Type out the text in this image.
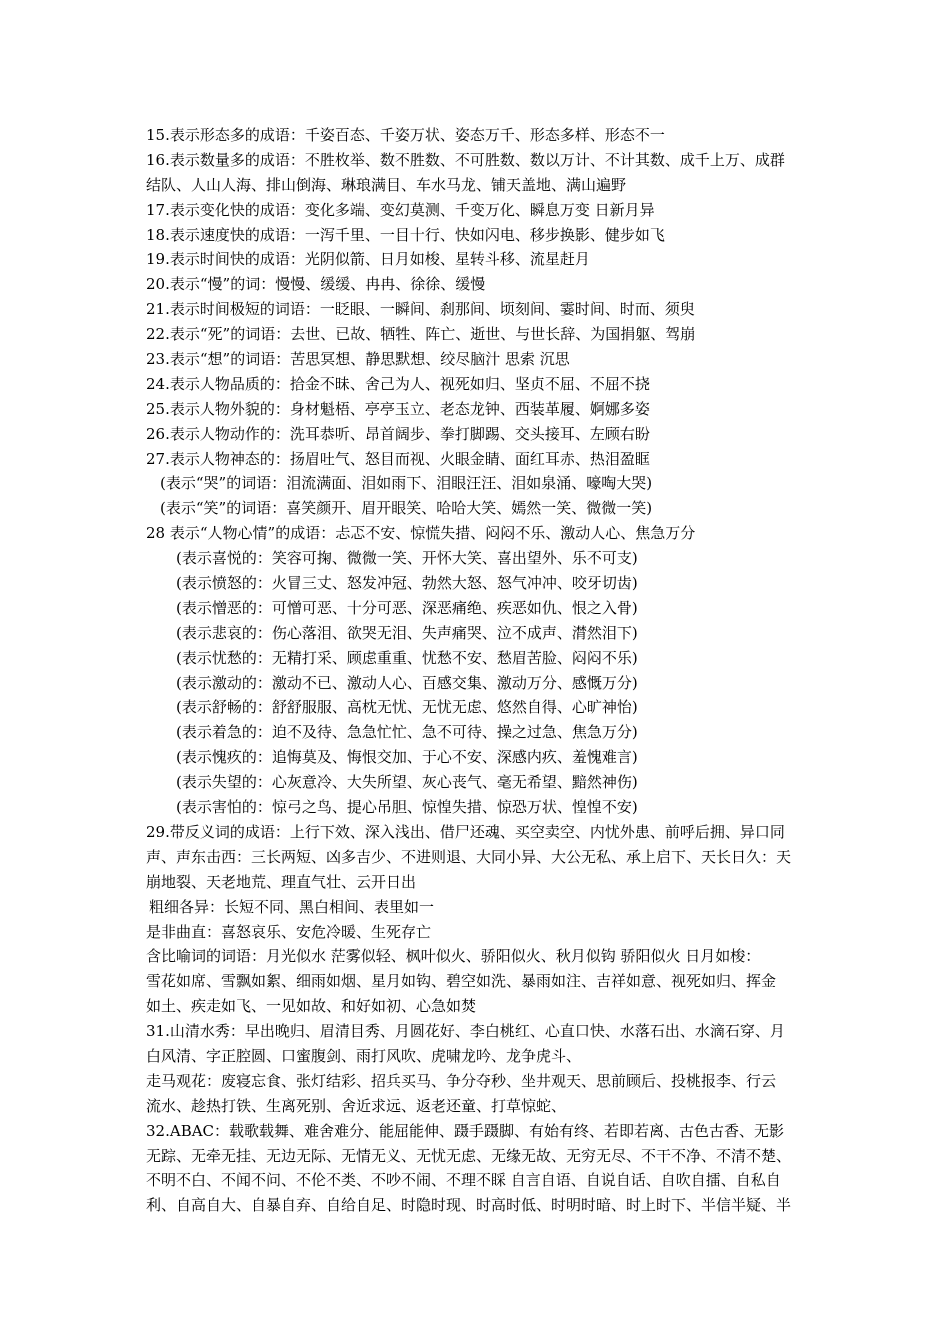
15.表示形态多的成语：千姿百态、千姿万状、姿态万千、形态多样、形态不一
16.表示数量多的成语：不胜枚举、数不胜数、不可胜数、数以万计、不计其数、成千上万、成群
结队、人山人海、排山倒海、琳琅满目、车水马龙、铺天盖地、满山遍野
17.表示变化快的成语：变化多端、变幻莫测、千变万化、瞬息万变 日新月异
18.表示速度快的成语：一泻千里、一目十行、快如闪电、移步换影、健步如飞
19.表示时间快的成语：光阴似箭、日月如梭、星转斗移、流星赶月
20.表示“慢”的词：慢慢、缓缓、冉冉、徐徐、缓慢
21.表示时间极短的词语：一眨眼、一瞬间、刹那间、顷刻间、霎时间、时而、须臾
22.表示“死”的词语：去世、已故、牺牲、阵亡、逝世、与世长辞、为国捐躯、驾崩
23.表示“想”的词语：苦思冥想、静思默想、绞尽脑汁 思索 沉思
24.表示人物品质的：拾金不昧、舍己为人、视死如归、坚贞不屈、不屈不挠
25.表示人物外貌的：身材魁梧、亭亭玉立、老态龙钟、西装革履、婀娜多姿
26.表示人物动作的：洗耳恭听、昂首阔步、拳打脚踢、交头接耳、左顾右盼
27.表示人物神态的：扬眉吐气、怒目而视、火眼金睛、面红耳赤、热泪盈眶
(表示“哭”的词语：泪流满面、泪如雨下、泪眼汪汪、泪如泉涌、嚎啕大哭)
(表示“笑”的词语：喜笑颜开、眉开眼笑、哈哈大笑、嫣然一笑、微微一笑)
28 表示“人物心情”的成语：忐忑不安、惊慌失措、闷闷不乐、激动人心、焦急万分
(表示喜悦的：笑容可掬、微微一笑、开怀大笑、喜出望外、乐不可支)
(表示愤怒的：火冒三丈、怒发冲冠、勃然大怒、怒气冲冲、咬牙切齿)
(表示憎恶的：可憎可恶、十分可恶、深恶痛绝、疾恶如仇、恨之入骨)
(表示悲哀的：伤心落泪、欲哭无泪、失声痛哭、泣不成声、潸然泪下)
(表示忧愁的：无精打采、顾虑重重、忧愁不安、愁眉苦脸、闷闷不乐)
(表示激动的：激动不已、激动人心、百感交集、激动万分、感慨万分)
(表示舒畅的：舒舒服服、高枕无忧、无忧无虑、悠然自得、心旷神怡)
(表示着急的：迫不及待、急急忙忙、急不可待、操之过急、焦急万分)
(表示愧疚的：追悔莫及、悔恨交加、于心不安、深感内疚、羞愧难言)
(表示失望的：心灰意冷、大失所望、灰心丧气、毫无希望、黯然神伤)
(表示害怕的：惊弓之鸟、提心吊胆、惊惶失措、惊恐万状、惶惶不安)
29.带反义词的成语：上行下效、深入浅出、借尸还魂、买空卖空、内忧外患、前呼后拥、异口同
声、声东击西：三长两短、凶多吉少、不进则退、大同小异、大公无私、承上启下、天长日久：天
崩地裂、天老地荒、理直气壮、云开日出
粗细各异：长短不同、黑白相间、表里如一
是非曲直：喜怒哀乐、安危冷暖、生死存亡
含比喻词的词语：月光似水 茫雾似轻、枫叶似火、骄阳似火、秋月似钩 骄阳似火 日月如梭：
雪花如席、雪飘如絮、细雨如烟、星月如钩、碧空如洗、暴雨如注、吉祥如意、视死如归、挥金
如土、疾走如飞、一见如故、和好如初、心急如焚
31.山清水秀：早出晚归、眉清目秀、月圆花好、李白桃红、心直口快、水落石出、水滴石穿、月
白风清、字正腔圆、口蜜腹剑、雨打风吹、虎啸龙吟、龙争虎斗、
走马观花：废寝忘食、张灯结彩、招兵买马、争分夺秒、坐井观天、思前顾后、投桃报李、行云
流水、趁热打铁、生离死别、舍近求远、返老还童、打草惊蛇、
32.ABAC：载歌载舞、难舍难分、能屈能伸、蹑手蹑脚、有始有终、若即若离、古色古香、无影
无踪、无牵无挂、无边无际、无情无义、无忧无虑、无缘无故、无穷无尽、不干不净、不清不楚、
不明不白、不闻不问、不伦不类、不吵不闹、不理不睬 自言自语、自说自话、自吹自擂、自私自
利、自高自大、自暴自弃、自给自足、时隐时现、时高时低、时明时暗、时上时下、半信半疑、半
